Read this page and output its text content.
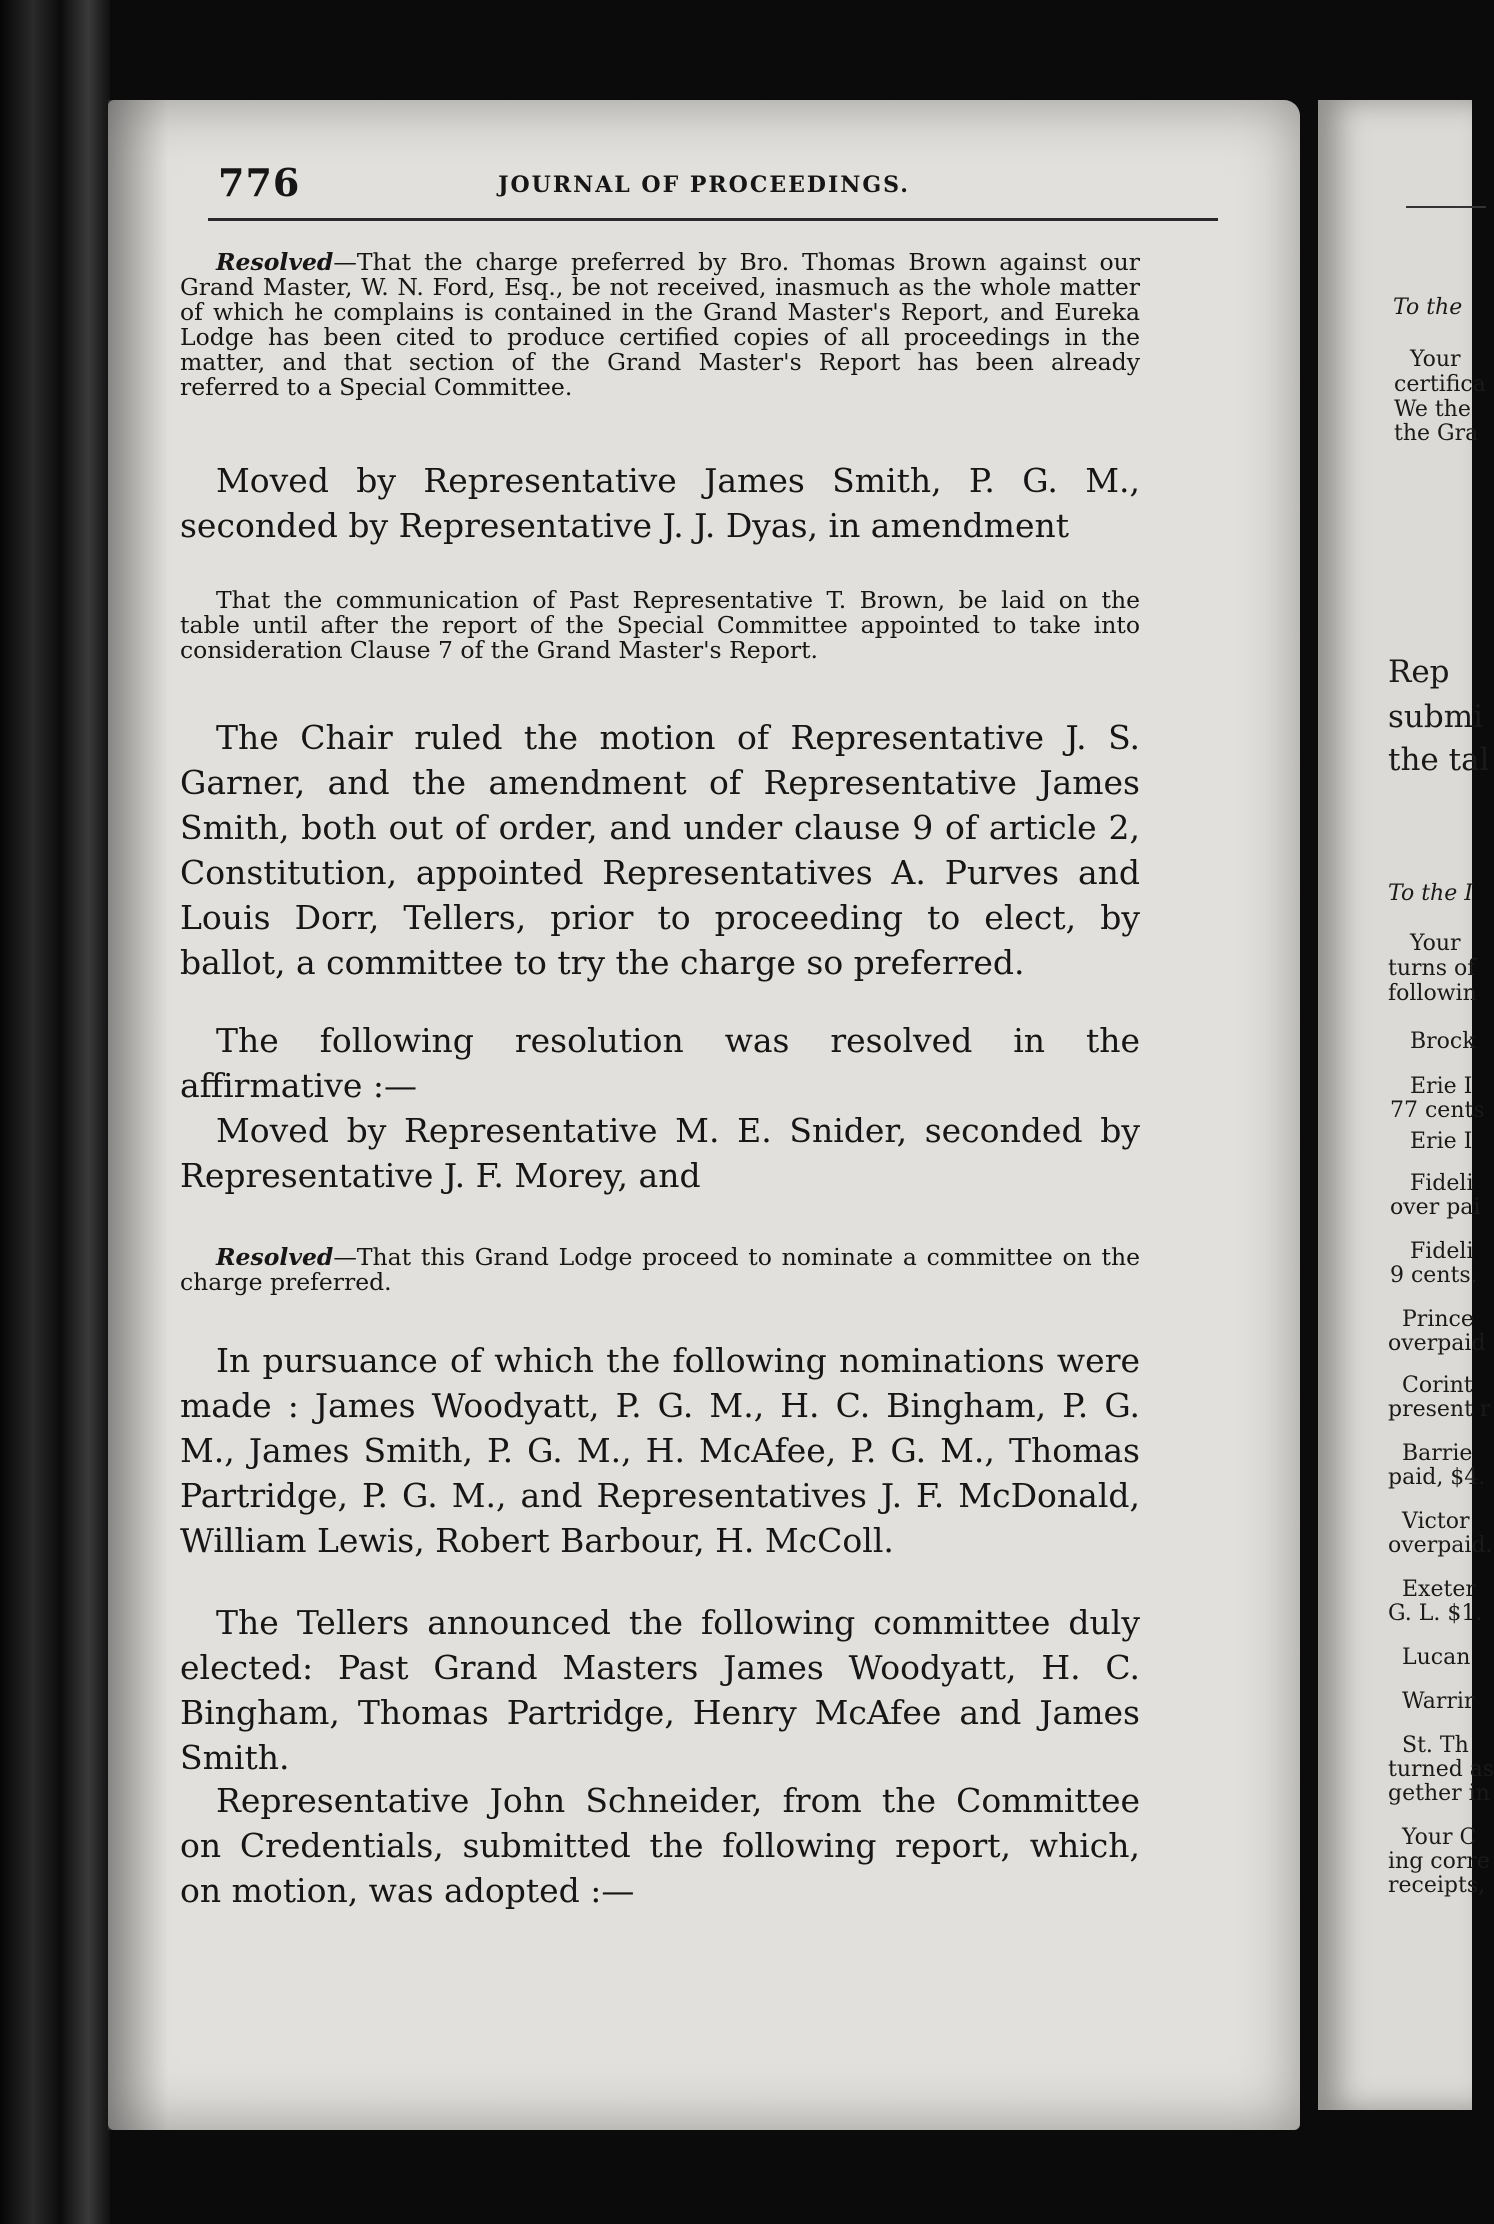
776	JOURNAL OF PROCEEDINGS.
Resolved—That the charge preferred by Bro. Thomas Brown against our Grand Master, W. N. Ford, Esq., be not received, inasmuch as the whole matter of which he complains is contained in the Grand Master's Report, and Eureka Lodge has been cited to produce certified copies of all proceedings in the matter, and that section of the Grand Master's Report has been already referred to a Special Committee.
Moved by Representative James Smith, P. G. M., seconded by Representative J. J. Dyas, in amendment
That the communication of Past Representative T. Brown, be laid on the table until after the report of the Special Committee appointed to take into consideration Clause 7 of the Grand Master's Report.
The Chair ruled the motion of Representative J. S. Garner, and the amendment of Representative James Smith, both out of order, and under clause 9 of article 2, Constitution, appointed Representatives A. Purves and Louis Dorr, Tellers, prior to proceeding to elect, by ballot, a committee to try the charge so preferred.
The following resolution was resolved in the affirmative :—
Moved by Representative M. E. Snider, seconded by Representative J. F. Morey, and
Resolved—That this Grand Lodge proceed to nominate a committee on the charge preferred.
In pursuance of which the following nominations were made : James Woodyatt, P. G. M., H. C. Bingham, P. G. M., James Smith, P. G. M., H. McAfee, P. G. M., Thomas Partridge, P. G. M., and Representatives J. F. McDonald, William Lewis, Robert Barbour, H. McColl.
The Tellers announced the following committee duly elected: Past Grand Masters James Woodyatt, H. C. Bingham, Thomas Partridge, Henry McAfee and James Smith.
Representative John Schneider, from the Committee on Credentials, submitted the following report, which, on motion, was adopted :—
To the
Your
certifica
We the
the Gra
Rep
submi
the tal
To the I
Your
turns of
followin
Brock
Erie I
77 cents
Erie I
Fideli
over pai
Fideli
9 cents.
Prince
overpaid
Corint
present r
Barrie
paid, $4.
Victor
overpaid.
Exeter
G. L. $1.
Lucan
Warrir
St. Th
turned as
gether in
Your C
ing corre
receipts,
